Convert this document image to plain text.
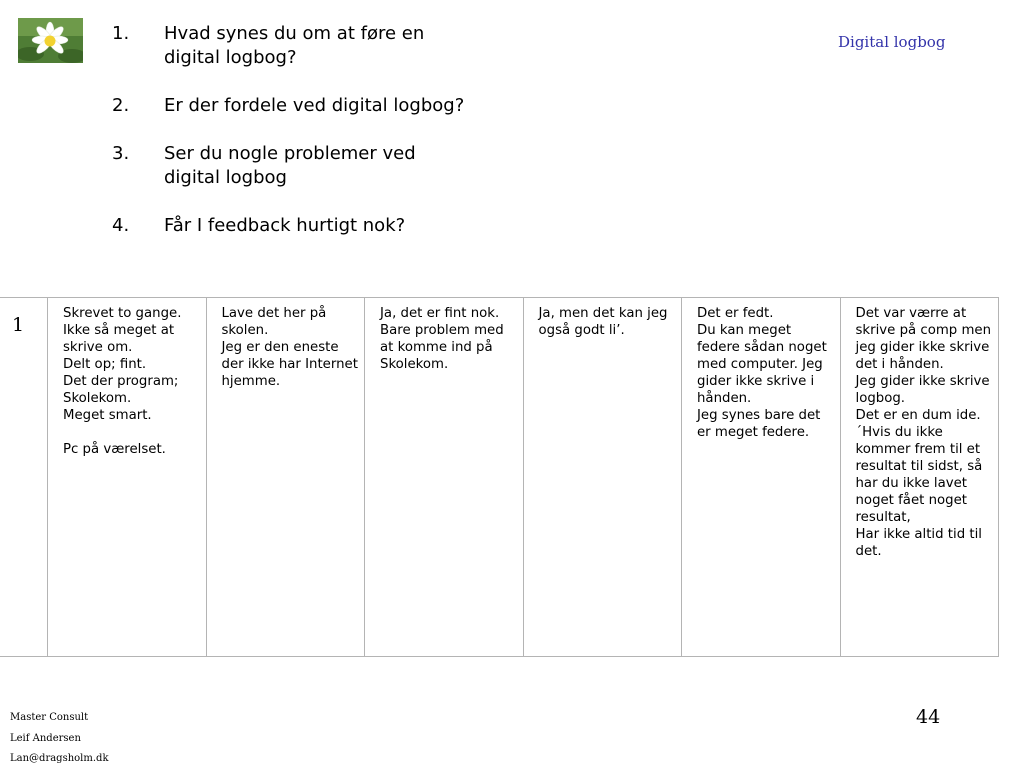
1.	Hvad synes du om at føre en digital logbog?
2.	Er der fordele ved digital logbog?
3.	Ser du nogle problemer ved digital logbog
4.	Får I feedback hurtigt nok?
Digital logbog
1	Skrevet to gange.
Ikke så meget at skrive om.
Delt op; fint.
Det der program; Skolekom.
Meget smart.

Pc på værelset.	Lave det her på skolen.
Jeg er den eneste der ikke har Internet hjemme.	Ja, det er fint nok.
Bare problem med at komme ind på Skolekom.	Ja, men det kan jeg også godt li’.	Det er fedt.
Du kan meget federe sådan noget med computer. Jeg gider ikke skrive i hånden.
Jeg synes bare det er meget federe.	Det var værre at skrive på comp men jeg gider ikke skrive det i hånden.
Jeg gider ikke skrive logbog.
Det er en dum ide.
´Hvis du ikke kommer frem til et resultat til sidst, så har du ikke lavet noget fået noget resultat,
Har ikke altid tid til det.
Master Consult
Leif Andersen
Lan@dragsholm.dk
44
